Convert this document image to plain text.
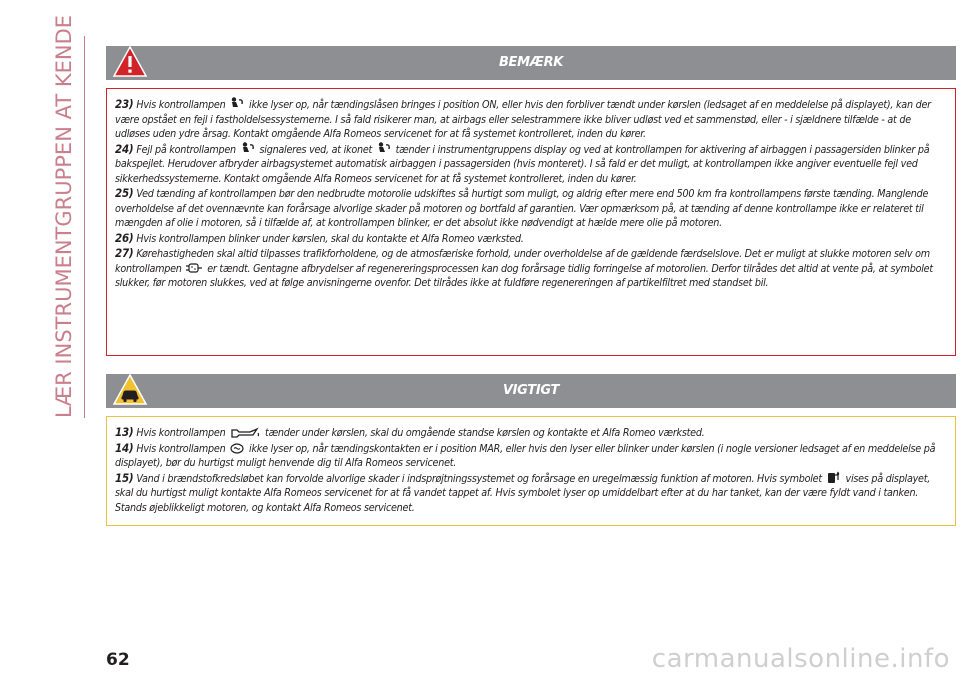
LÆR INSTRUMENTGRUPPEN AT KENDE	BEMÆRK

23) Hvis kontrollampen ikke lyser op, når tændingslåsen bringes i position ON, eller hvis den forbliver tændt under kørslen (ledsaget af en meddelelse på displayet), kan der være opstået en fejl i fastholdelsessystemerne. I så fald risikerer man, at airbags eller selestrammere ikke bliver udløst ved et sammenstød, eller - i sjældnere tilfælde - at de udløses uden ydre årsag. Kontakt omgående Alfa Romeos servicenet for at få systemet kontrolleret, inden du kører.

24) Fejl på kontrollampen signaleres ved, at ikonet tænder i instrumentgruppens display og ved at kontrollampen for aktivering af airbaggen i passagersiden blinker på bakspejlet. Herudover afbryder airbagsystemet automatisk airbaggen i passagersiden (hvis monteret). I så fald er det muligt, at kontrollampen ikke angiver eventuelle fejl ved sikkerhedssystemerne. Kontakt omgående Alfa Romeos servicenet for at få systemet kontrolleret, inden du kører.

25) Ved tænding af kontrollampen bør den nedbrudte motorolie udskiftes så hurtigt som muligt, og aldrig efter mere end 500 km fra kontrollampens første tænding. Manglende overholdelse af det ovennævnte kan forårsage alvorlige skader på motoren og bortfald af garantien. Vær opmærksom på, at tænding af denne kontrollampe ikke er relateret til mængden af olie i motoren, så i tilfælde af, at kontrollampen blinker, er det absolut ikke nødvendigt at hælde mere olie på motoren.

26) Hvis kontrollampen blinker under kørslen, skal du kontakte et Alfa Romeo værksted.

27) Kørehastigheden skal altid tilpasses trafikforholdene, og de atmosfæriske forhold, under overholdelse af de gældende færdselslove. Det er muligt at slukke motoren selv om kontrollampen er tændt. Gentagne afbrydelser af regenereringsprocessen kan dog forårsage tidlig forringelse af motorolien. Derfor tilrådes det altid at vente på, at symbolet slukker, før motoren slukkes, ved at følge anvisningerne ovenfor. Det tilrådes ikke at fuldføre regenereringen af partikelfiltret med standset bil.

VIGTIGT

13) Hvis kontrollampen	tænder under kørslen, skal du omgående standse kørslen og kontakte et Alfa Romeo værksted.

14) Hvis kontrollampen ikke lyser op, når tændingskontakten er i position MAR, eller hvis den lyser eller blinker under kørslen (i nogle versioner ledsaget af en meddelelse på displayet), bør du hurtigst muligt henvende dig til Alfa Romeos servicenet.

15) Vand i brændstofkredsløbet kan forvolde alvorlige skader i indsprøjtningssystemet og forårsage en uregelmæssig funktion af motoren. Hvis symbolet vises på displayet, skal du hurtigst muligt kontakte Alfa Romeos servicenet for at få vandet tappet af. Hvis symbolet lyser op umiddelbart efter at du har tanket, kan der være fyldt vand i tanken. Stands øjeblikkeligt motoren, og kontakt Alfa Romeos servicenet.

62	carmanualsonline.info
